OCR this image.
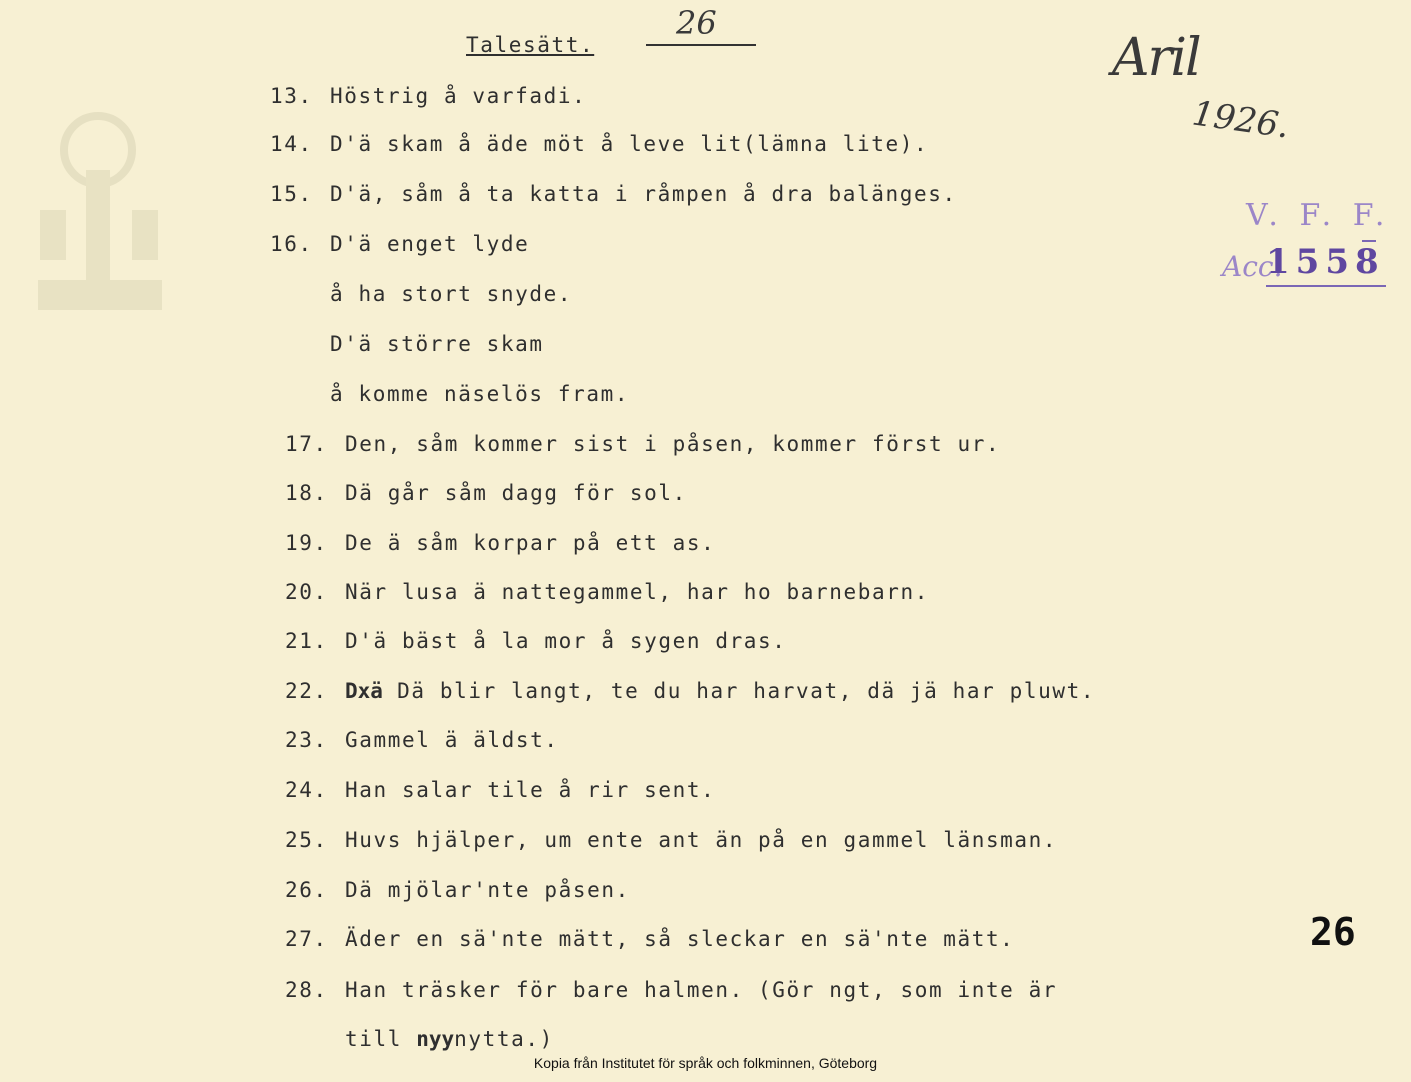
Talesätt.
26
Aril
1926.
V. F. F.
Acc.
1558
13. Höstrig å varfadi.
14. D'ä skam å äde möt å leve lit(lämna lite).
15. D'ä, såm å ta katta i råmpen å dra balänges.
16. D'ä enget lyde
å ha stort snyde.
D'ä större skam
å komme näselös fram.
17. Den, såm kommer sist i påsen, kommer först ur.
18. Dä går såm dagg för sol.
19. De ä såm korpar på ett as.
20. När lusa ä nattegammel, har ho barnebarn.
21. D'ä bäst å la mor å sygen dras.
22. Dxä Dä blir langt, te du har harvat, dä jä har pluwt.
23. Gammel ä äldst.
24. Han salar tile å rir sent.
25. Huvs hjälper, um ente ant än på en gammel länsman.
26. Dä mjölar'nte påsen.
27. Äder en sä'nte mätt, så sleckar en sä'nte mätt.
28. Han träsker för bare halmen. (Gör ngt, som inte är
till nyynytta.)
26
Kopia från Institutet för språk och folkminnen, Göteborg
